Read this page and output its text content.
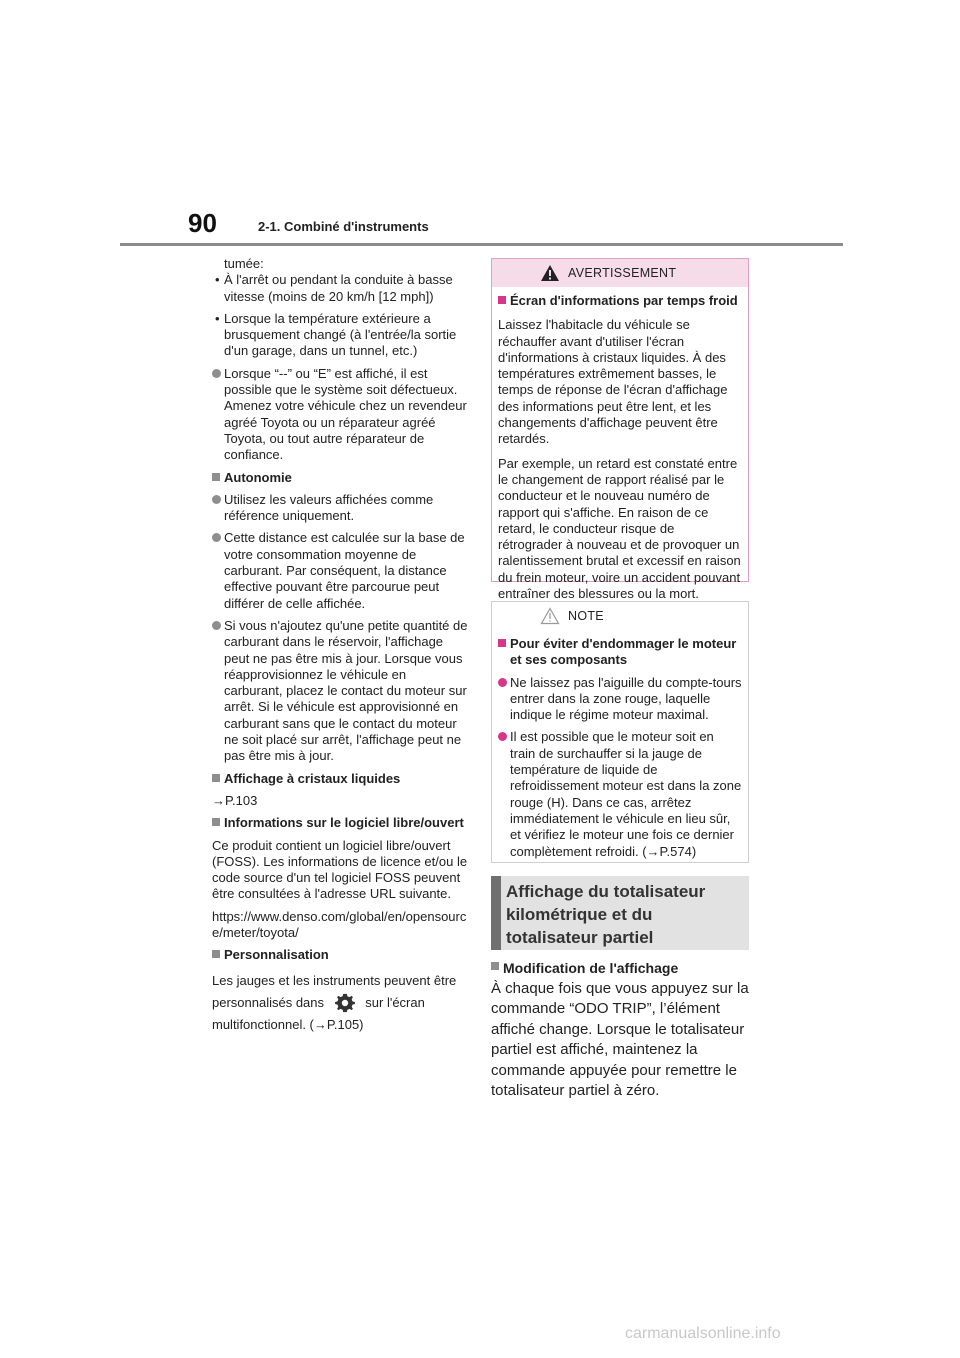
90	2-1. Combiné d'instruments

tumée:

• À l'arrêt ou pendant la conduite à basse vitesse (moins de 20 km/h [12 mph])

• Lorsque la température extérieure a brusquement changé (à l'entrée/la sortie d'un garage, dans un tunnel, etc.)

Lorsque “--” ou “E” est affiché, il est possible que le système soit défectueux. Amenez votre véhicule chez un revendeur agréé Toyota ou un réparateur agréé Toyota, ou tout autre réparateur de confiance.

Autonomie

Utilisez les valeurs affichées comme référence uniquement.

Cette distance est calculée sur la base de votre consommation moyenne de carburant. Par conséquent, la distance effective pouvant être parcourue peut différer de celle affichée.

Si vous n'ajoutez qu'une petite quantité de carburant dans le réservoir, l'affichage peut ne pas être mis à jour. Lorsque vous réapprovisionnez le véhicule en carburant, placez le contact du moteur sur arrêt. Si le véhicule est approvisionné en carburant sans que le contact du moteur ne soit placé sur arrêt, l'affichage peut ne pas être mis à jour.

Affichage à cristaux liquides

→P.103

Informations sur le logiciel libre/ouvert

Ce produit contient un logiciel libre/ouvert (FOSS). Les informations de licence et/ou le code source d'un tel logiciel FOSS peuvent être consultées à l'adresse URL suivante.

https://www.denso.com/global/en/opensource/meter/toyota/

Personnalisation

Les jauges et les instruments peuvent être personnalisés dans	sur l'écran multifonctionnel. (→P.105)

AVERTISSEMENT

Écran d'informations par temps froid

Laissez l'habitacle du véhicule se réchauffer avant d'utiliser l'écran d'informations à cristaux liquides. À des températures extrêmement basses, le temps de réponse de l'écran d'affichage des informations peut être lent, et les changements d'affichage peuvent être retardés.

Par exemple, un retard est constaté entre le changement de rapport réalisé par le conducteur et le nouveau numéro de rapport qui s'affiche. En raison de ce retard, le conducteur risque de rétrograder à nouveau et de provoquer un ralentissement brutal et excessif en raison du frein moteur, voire un accident pouvant entraîner des blessures ou la mort.

NOTE

Pour éviter d'endommager le moteur et ses composants

Ne laissez pas l'aiguille du compte-tours entrer dans la zone rouge, laquelle indique le régime moteur maximal.

Il est possible que le moteur soit en train de surchauffer si la jauge de température de liquide de refroidissement moteur est dans la zone rouge (H). Dans ce cas, arrêtez immédiatement le véhicule en lieu sûr, et vérifiez le moteur une fois ce dernier complètement refroidi. (→P.574)

Affichage du totalisateur kilométrique et du totalisateur partiel

Modification de l'affichage

À chaque fois que vous appuyez sur la commande “ODO TRIP”, l’élément affiché change. Lorsque le totalisateur partiel est affiché, maintenez la commande appuyée pour remettre le totalisateur partiel à zéro.

carmanualsonline.info
